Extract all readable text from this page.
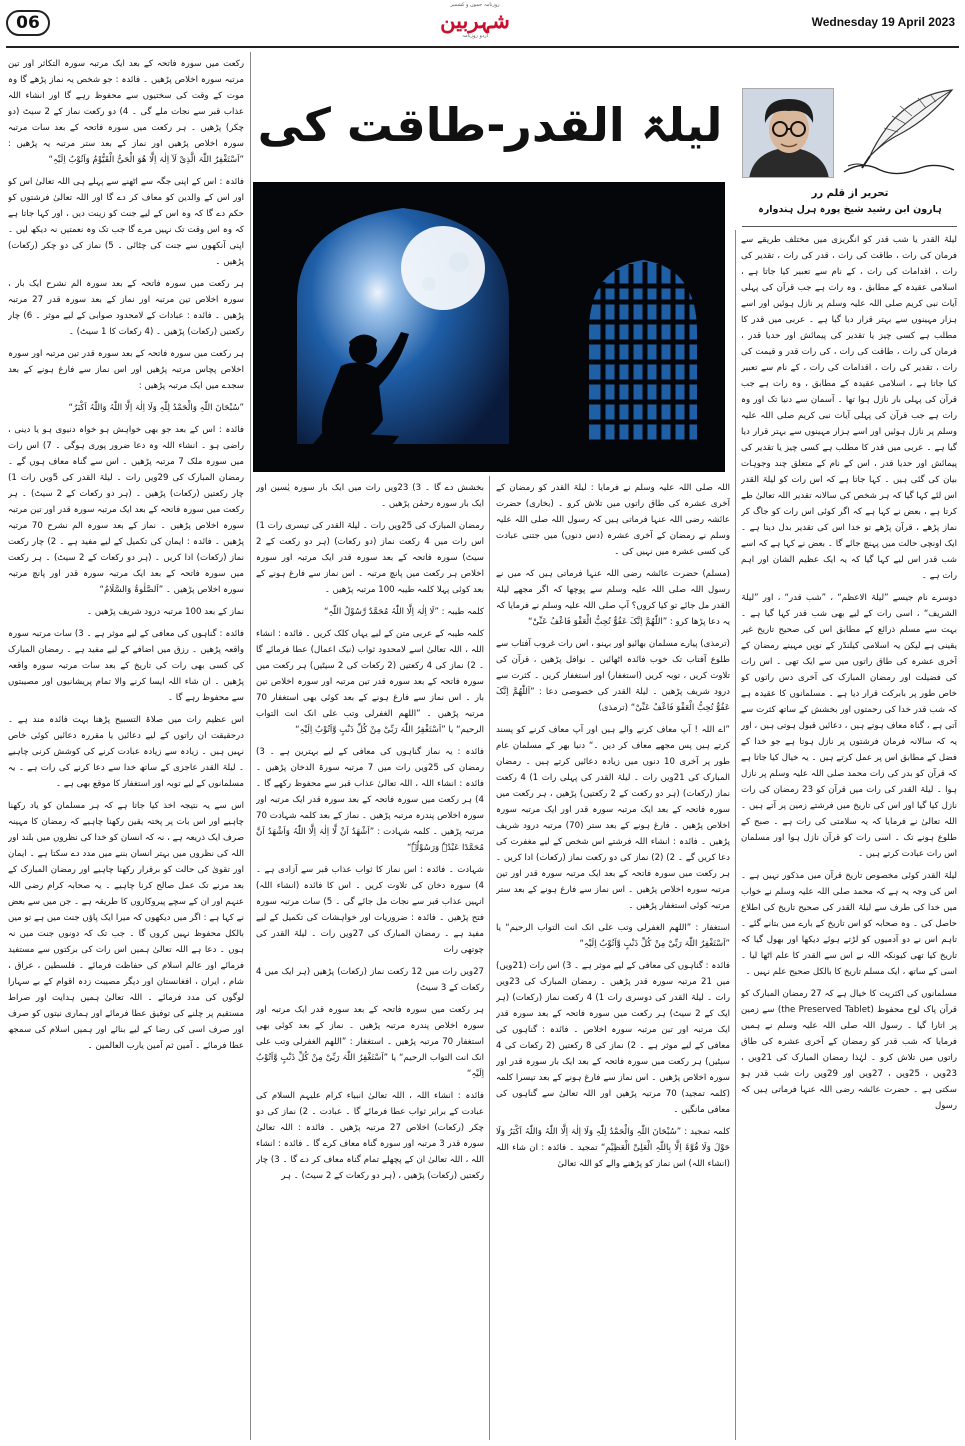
06
روزنامہ جموں و کشمیر
شہربین
اردو روزنامہ
Wednesday 19 April 2023
لیلۃ القدر-طاقت کی
تحریر از قلم رر
ہارون ابن رشید شیخ پورہ ہرل ہندوارہ

لیلۃ القدر یا شب قدر کو انگریزی میں مختلف طریقے سے فرمان کی رات ، طاقت کی رات ، قدر کی رات ، تقدیر کی رات ، اقدامات کی رات ، کے نام سے تعبیر کیا جاتا ہے ، اسلامی عقیدہ کے مطابق ، وہ رات ہے جب قرآن کی پہلی آیات نبی کریم صلی اللہ علیہ وسلم پر نازل ہوئیں اور اسے ہزار مہینوں سے بہتر قرار دیا گیا ہے ۔ عربی میں قدر کا مطلب ہے کسی چیز یا تقدیر کی پیمائش اور حدیا قدر ، فرمان کی رات ، طاقت کی رات ، کی رات قدر و قیمت کی رات ، تقدیر کی رات ، اقدامات کی رات ، کے نام سے تعبیر کیا جاتا ہے ، اسلامی عقیدہ کے مطابق ، وہ رات ہے جب قرآن کی پہلی بار نازل ہوا تھا ۔ آسمان سے دنیا تک اور وہ رات ہے جب قرآن کی پہلی آیات نبی کریم صلی اللہ علیہ وسلم پر نازل ہوئیں اور اسے ہزار مہینوں سے بہتر قرار دیا گیا ہے ۔ عربی میں قدر کا مطلب ہے کسی چیز یا تقدیر کی پیمائش اور حدیا قدر ، اس کے نام کے متعلق چند وجوہات بیان کی گئی ہیں ۔ کہا جاتا ہے کہ اس رات کو لیلۃ القدر اس لئے کہا گیا کہ ہر شخص کی سالانہ تقدیر اللہ تعالیٰ طے کرتا ہے ، بعض نے کہا ہے کہ اگر کوئی اس رات کو جاگ کر نماز پڑھے ، قرآن پڑھے تو خدا اس کی تقدیر بدل دیتا ہے ۔ ایک اونچی حالت میں پہنچ جائے گا ۔ بعض نے کہا ہے کہ اسے شب قدر اس لیے کہا گیا کہ یہ ایک عظیم الشان اور اہم رات ہے ۔

دوسرے نام جیسے ”لیلۃ الاعظم“ ، ”شب قدر“ ، اور ”لیلۃ الشریف“ ، اسی رات کے لیے بھی شب قدر کہا گیا ہے ۔ بہت سے مسلم ذرائع کے مطابق اس کی صحیح تاریخ غیر یقینی ہے لیکن یہ اسلامی کیلنڈر کے نویں مہینے رمضان کے آخری عشرہ کی طاق راتوں میں سے ایک تھی ۔ اس رات کی فضیلت اور رمضان المبارک کی آخری دس راتوں کو خاص طور پر بابرکت قرار دیا ہے ۔ مسلمانوں کا عقیدہ ہے کہ شب قدر خدا کی رحمتوں اور بخشش کے ساتھ کثرت سے آتی ہے ، گناہ معاف ہوتے ہیں ، دعائیں قبول ہوتی ہیں ، اور یہ کہ سالانہ فرمان فرشتوں پر نازل ہوتا ہے جو خدا کے فضل کے مطابق اس پر عمل کرتے ہیں ۔ یہ خیال کیا جاتا ہے کہ قرآن کو بدر کی رات محمد صلی اللہ علیہ وسلم پر نازل ہوا ۔ لیلۃ القدر کی رات میں قرآن کو 23 رمضان کی رات نازل کیا گیا اور اس کی تاریخ میں فرشتے زمین پر آتے ہیں ۔ اللہ تعالیٰ نے فرمایا کہ یہ سلامتی کی رات ہے ۔ صبح کے طلوع ہونے تک ۔ اسی رات کو قرآن نازل ہوا اور مسلمان اس رات عبادت کرتے ہیں ۔

لیلۃ القدر کوئی مخصوص تاریخ قرآن میں مذکور نہیں ہے ۔ اس کی وجہ یہ ہے کہ محمد صلی اللہ علیہ وسلم نے خواب میں خدا کی طرف سے لیلۃ القدر کی صحیح تاریخ کی اطلاع حاصل کی ۔ وہ صحابہ کو اس تاریخ کے بارے میں بتانے گئے ۔ تاہم اس نے دو آدمیوں کو لڑتے ہوئے دیکھا اور بھول گیا کہ تاریخ کیا تھی کیونکہ اللہ نے اس سے القدر کا علم اٹھا لیا ۔ اسی کے ساتھ ، ایک مسلم تاریخ کا بالکل صحیح علم نہیں ۔

مسلمانوں کی اکثریت کا خیال ہے کہ 27 رمضان المبارک کو قرآن پاک لوح محفوظ (the Preserved Tablet) سے زمین پر اتارا گیا ۔ رسول اللہ صلی اللہ علیہ وسلم نے ہمیں فرمایا کہ شب قدر کو رمضان کے آخری عشرہ کی طاق راتوں میں تلاش کرو ۔ لہٰذا رمضان المبارک کی 21ویں ، 23ویں ، 25ویں ، 27ویں اور 29ویں رات شب قدر ہو سکتی ہے ۔ حضرت عائشہ رضی اللہ عنہا فرماتی ہیں کہ رسول

اللہ صلی اللہ علیہ وسلم نے فرمایا : لیلۃ القدر کو رمضان کے آخری عشرہ کی طاق راتوں میں تلاش کرو ۔ (بخاری) حضرت عائشہ رضی اللہ عنہا فرماتی ہیں کہ رسول اللہ صلی اللہ علیہ وسلم نے رمضان کے آخری عشرہ (دس دنوں) میں جتنی عبادت کی کسی عشرہ میں نہیں کی ۔

(مسلم) حضرت عائشہ رضی اللہ عنہا فرماتی ہیں کہ میں نے رسول اللہ صلی اللہ علیہ وسلم سے پوچھا کہ اگر مجھے لیلۃ القدر مل جائے تو کیا کروں؟ آپ صلی اللہ علیہ وسلم نے فرمایا کہ یہ دعا پڑھا کرو : ”اللّٰھُمَّ اِنَّکَ عَفُوٌّ تُحِبُّ الْعَفْوَ فَاعْفُ عَنِّیْ“

(ترمذی) پیارے مسلمان بھائیو اور بہنو ، اس رات غروب آفتاب سے طلوع آفتاب تک خوب فائدہ اٹھائیں ۔ نوافل پڑھیں ، قرآن کی تلاوت کریں ، توبہ کریں (استغفار) اور استغفار کریں ۔ کثرت سے درود شریف پڑھیں ۔ لیلۃ القدر کی خصوصی دعا : ”اَللّٰھُمَّ اِنَّکَ عَفُوٌّ تُحِبُّ الْعَفْوَ فَاعْفُ عَنِّیْ“ (ترمذی)

”اے اللہ ! آپ معاف کرنے والے ہیں اور آپ معاف کرنے کو پسند کرتے ہیں پس مجھے معاف کر دیں ۔“ دنیا بھر کے مسلمان عام طور پر آخری 10 دنوں میں زیادہ دعائیں کرتے ہیں ۔ رمضان المبارک کی 21ویں رات ۔ لیلۃ القدر کی پہلی رات 1) 4 رکعت نماز (رکعات) (ہر دو رکعت کے 2 رکعتیں) پڑھیں ، ہر رکعت میں سورہ فاتحہ کے بعد ایک مرتبہ سورہ قدر اور ایک مرتبہ سورہ اخلاص پڑھیں ۔ فارغ ہونے کے بعد ستر (70) مرتبہ درود شریف پڑھیں ۔ فائدہ : انشاء اللہ فرشتے اس شخص کے لیے مغفرت کی دعا کریں گے ۔ 2) (2) نماز کی دو رکعت نماز (رکعات) ادا کریں ۔ ہر رکعت میں سورہ فاتحہ کے بعد ایک مرتبہ سورہ قدر اور تین مرتبہ سورہ اخلاص پڑھیں ۔ اس نماز سے فارغ ہونے کے بعد ستر مرتبہ کوئی استغفار پڑھیں ۔

استغفار : ”اللھم الغفرلی وتب علی انک انت التواب الرحیم“ یا ”اَسْتَغْفِرُ اللّٰہَ رَبِّیْ مِنْ کُلِّ ذَنْبٍ وَّاَتُوْبُ اِلَیْہِ“

فائدہ : گناہوں کی معافی کے لیے موثر ہے ۔ 3) اس رات (21ویں) میں 21 مرتبہ سورہ قدر پڑھیں ۔ رمضان المبارک کی 23ویں رات ۔ لیلۃ القدر کی دوسری رات 1) 4 رکعت نماز (رکعات) (ہر ایک کے 2 سیٹ) ہر رکعت میں سورہ فاتحہ کے بعد سورہ قدر ایک مرتبہ اور تین مرتبہ سورہ اخلاص ۔ فائدہ : گناہوں کی معافی کے لیے موثر ہے ۔ 2) نماز کی 8 رکعتیں (2 رکعات کی 4 سیٹیں) ہر رکعت میں سورہ فاتحہ کے بعد ایک بار سورہ قدر اور سورہ اخلاص پڑھیں ۔ اس نماز سے فارغ ہونے کے بعد تیسرا کلمہ (کلمہ تمجید) 70 مرتبہ پڑھیں اور اللہ تعالیٰ سے گناہوں کی معافی مانگیں ۔

کلمہ تمجید : ”سُبْحَانَ اللّٰہِ وَالْحَمْدُ لِلّٰہِ وَلَا اِلٰہَ اِلَّا اللّٰہُ وَاللّٰہُ اَکْبَرُ وَلَا حَوْلَ وَلَا قُوَّۃَ اِلَّا بِاللّٰہِ الْعَلِیِّ الْعَظِیْمِ“ تمجید ۔ فائدہ : ان شاء اللہ (انشاء اللہ) اس نماز کو پڑھنے والے کو اللہ تعالیٰ

بخشش دے گا ۔ 3) 23ویں رات میں ایک بار سورہ یٰسین اور ایک بار سورہ رحمٰن پڑھیں ۔

رمضان المبارک کی 25ویں رات ۔ لیلۃ القدر کی تیسری رات 1) اس رات میں 4 رکعت نماز (دو رکعات) (ہر دو رکعت کے 2 سیٹ) سورہ فاتحہ کے بعد سورہ قدر ایک مرتبہ اور سورہ اخلاص ہر رکعت میں پانچ مرتبہ ۔ اس نماز سے فارغ ہونے کے بعد کوئی پہلا کلمہ طیبہ 100 مرتبہ پڑھیں ۔

کلمہ طیبہ : ”لَا اِلٰہَ اِلَّا اللّٰہُ مُحَمَّدٌ رَّسُوْلُ اللّٰہِ“

کلمہ طیبہ کے عربی متن کے لیے یہاں کلک کریں ۔ فائدہ : انشاء اللہ ، اللہ تعالیٰ اسے لامحدود ثواب (نیک اعمال) عطا فرمائے گا ۔ 2) نماز کی 4 رکعتیں (2 رکعات کی 2 سیٹیں) ہر رکعت میں سورہ فاتحہ کے بعد سورہ قدر تین مرتبہ اور سورہ اخلاص تین بار ۔ اس نماز سے فارغ ہونے کے بعد کوئی بھی استغفار 70 مرتبہ پڑھیں ۔ ”اللھم الغفرلی وتب علی انک انت التواب الرحیم“ یا ”اَسْتَغْفِرُ اللّٰہَ رَبِّیْ مِنْ کُلِّ ذَنْبٍ وَّاَتُوْبُ اِلَیْہِ“

فائدہ : یہ نماز گناہوں کی معافی کے لیے بہترین ہے ۔ 3) رمضان کی 25ویں رات میں 7 مرتبہ سورۃ الدخان پڑھیں ۔ فائدہ : انشاء اللہ ، اللہ تعالیٰ عذاب قبر سے محفوظ رکھے گا ۔ 4) ہر رکعت میں سورہ فاتحہ کے بعد سورہ قدر ایک مرتبہ اور سورہ اخلاص پندرہ مرتبہ پڑھیں ۔ نماز کے بعد کلمہ شہادت 70 مرتبہ پڑھیں ۔ کلمہ شہادت : ”اَشْھَدُ اَنْ لَّا اِلٰہَ اِلَّا اللّٰہُ وَاَشْھَدُ اَنَّ مُحَمَّدًا عَبْدُہٗ وَرَسُوْلُہٗ“

شہادت ۔ فائدہ : اس نماز کا ثواب عذاب قبر سے آزادی ہے ۔ 4) سورہ دخان کی تلاوت کریں ۔ اس کا فائدہ (انشاء اللہ) انہیں عذاب قبر سے نجات مل جائے گی ۔ 5) سات مرتبہ سورہ فتح پڑھیں ۔ فائدہ : ضروریات اور خواہشات کی تکمیل کے لیے مفید ہے ۔ رمضان المبارک کی 27ویں رات ۔ لیلۃ القدر کی چوتھی رات

27ویں رات میں 12 رکعت نماز (رکعات) پڑھیں (ہر ایک میں 4 رکعات کے 3 سیٹ)

ہر رکعت میں سورہ فاتحہ کے بعد سورہ قدر ایک مرتبہ اور سورہ اخلاص پندرہ مرتبہ پڑھیں ۔ نماز کے بعد کوئی بھی استغفار 70 مرتبہ پڑھیں ۔ استغفار : ”اللھم الغفرلی وتب علی انک انت التواب الرحیم“ یا ”اَسْتَغْفِرُ اللّٰہَ رَبِّیْ مِنْ کُلِّ ذَنْبٍ وَّاَتُوْبُ اِلَیْہِ“

فائدہ : انشاء اللہ ، اللہ تعالیٰ انبیاء کرام علیہم السلام کی عبادت کے برابر ثواب عطا فرمائے گا ۔ عبادت ۔ 2) نماز کی دو چکر (رکعات) اخلاص 27 مرتبہ پڑھیں ۔ فائدہ : اللہ تعالیٰ سورہ قدر 3 مرتبہ اور سورہ گناہ معاف کرے گا ۔ فائدہ : انشاء اللہ ، اللہ تعالیٰ ان کے پچھلے تمام گناہ معاف کر دے گا ۔ 3) چار رکعتیں (رکعات) پڑھیں ، (ہر دو رکعات کے 2 سیٹ) ۔ ہر

رکعت میں سورہ فاتحہ کے بعد ایک مرتبہ سورہ التکاثر اور تین مرتبہ سورہ اخلاص پڑھیں ۔ فائدہ : جو شخص یہ نماز پڑھے گا وہ موت کے وقت کی سختیوں سے محفوظ رہے گا اور انشاء اللہ عذاب قبر سے نجات ملے گی ۔ 4) دو رکعت نماز کے 2 سیٹ (دو چکر) پڑھیں ۔ ہر رکعت میں سورہ فاتحہ کے بعد سات مرتبہ سورہ اخلاص پڑھیں اور نماز کے بعد ستر مرتبہ یہ پڑھیں : ”اَسْتَغْفِرُ اللّٰہَ الَّذِیْ لَآ اِلٰہَ اِلَّا ھُوَ الْحَیُّ الْقَیُّوْمُ وَاَتُوْبُ اِلَیْہِ“

فائدہ : اس کے اپنی جگہ سے اٹھنے سے پہلے ہی اللہ تعالیٰ اس کو اور اس کے والدین کو معاف کر دے گا اور اللہ تعالیٰ فرشتوں کو حکم دے گا کہ وہ اس کے لیے جنت کو زینت دیں ، اور کہا جاتا ہے کہ وہ اس وقت تک نہیں مرے گا جب تک وہ نعمتیں نہ دیکھ لیں ۔ اپنی آنکھوں سے جنت کی چٹائی ۔ 5) نماز کی دو چکر (رکعات) پڑھیں ۔

ہر رکعت میں سورہ فاتحہ کے بعد سورہ الم نشرح ایک بار ، سورہ اخلاص تین مرتبہ اور نماز کے بعد سورہ قدر 27 مرتبہ پڑھیں ۔ فائدہ : عبادات کے لامحدود صوابی کے لیے موثر ۔ 6) چار رکعتیں (رکعات) پڑھیں ۔ (4 رکعات کا 1 سیٹ) ۔

ہر رکعت میں سورہ فاتحہ کے بعد سورہ قدر تین مرتبہ اور سورہ اخلاص پچاس مرتبہ پڑھیں اور اس نماز سے فارغ ہونے کے بعد سجدے میں ایک مرتبہ پڑھیں :

”سُبْحَانَ اللّٰہِ وَالْحَمْدُ لِلّٰہِ وَلَا اِلٰہَ اِلَّا اللّٰہُ وَاللّٰہُ اَکْبَرُ“

فائدہ : اس کے بعد جو بھی خواہش ہو خواہ دنیوی ہو یا دینی ، راضی ہو ۔ انشاء اللہ وہ دعا ضرور پوری ہوگی ۔ 7) اس رات میں سورہ ملک 7 مرتبہ پڑھیں ۔ اس سے گناہ معاف ہوں گے ۔ رمضان المبارک کی 29ویں رات ۔ لیلۃ القدر کی 5ویں رات 1) چار رکعتیں (رکعات) پڑھیں ۔ (ہر دو رکعات کے 2 سیٹ) ۔ ہر رکعت میں سورہ فاتحہ کے بعد ایک مرتبہ سورہ قدر اور تین مرتبہ سورہ اخلاص پڑھیں ۔ نماز کے بعد سورہ الم نشرح 70 مرتبہ پڑھیں ۔ فائدہ : ایمان کی تکمیل کے لیے مفید ہے ۔ 2) چار رکعت نماز (رکعات) ادا کریں ۔ (ہر دو رکعات کے 2 سیٹ) ۔ ہر رکعت میں سورہ فاتحہ کے بعد ایک مرتبہ سورہ قدر اور پانچ مرتبہ سورہ اخلاص پڑھیں ۔ ”اَلصَّلٰوۃُ وَالسَّلَامُ“

نماز کے بعد 100 مرتبہ درود شریف پڑھیں ۔

فائدہ : گناہوں کی معافی کے لیے موثر ہے ۔ 3) سات مرتبہ سورہ واقعہ پڑھیں ۔ رزق میں اضافے کے لیے مفید ہے ۔ رمضان المبارک کی کسی بھی رات کی تاریخ کے بعد سات مرتبہ سورہ واقعہ پڑھیں ۔ ان شاء اللہ ایسا کرنے والا تمام پریشانیوں اور مصیبتوں سے محفوظ رہے گا ۔

اس عظیم رات میں صلاۃ التسبیح پڑھنا بہت فائدہ مند ہے ۔ درحقیقت ان راتوں کے لیے دعائیں یا مقررہ دعائیں کوئی خاص نہیں ہیں ۔ زیادہ سے زیادہ عبادت کرنے کی کوشش کرنی چاہیے ۔ لیلۃ القدر عاجزی کے ساتھ خدا سے دعا کرنے کی رات ہے ۔ یہ مسلمانوں کے لیے توبہ اور استغفار کا موقع بھی ہے ۔

اس سے یہ نتیجہ اخذ کیا جاتا ہے کہ ہر مسلمان کو یاد رکھنا چاہیے اور اس بات پر پختہ یقین رکھنا چاہیے کہ رمضان کا مہینہ صرف ایک ذریعہ ہے ، نہ کہ انسان کو خدا کی نظروں میں بلند اور اللہ کی نظروں میں بہتر انسان بننے میں مدد دے سکتا ہے ۔ ایمان اور تقویٰ کی حالت کو برقرار رکھنا چاہیے اور رمضان المبارک کے بعد مرنے تک عمل صالح کرنا چاہیے ۔ یہ صحابہ کرام رضی اللہ عنہم اور ان کے سچے پیروکاروں کا طریقہ ہے ۔ جن میں سے بعض نے کہا ہے : اگر میں دیکھوں کہ میرا ایک پاؤں جنت میں ہے تو میں بالکل محفوظ نہیں کروں گا ۔ جب تک کہ دونوں جنت میں نہ ہوں ۔ دعا ہے اللہ تعالیٰ ہمیں اس رات کی برکتوں سے مستفید فرمائے اور عالم اسلام کی حفاظت فرمائے ۔ فلسطین ، عراق ، شام ، ایران ، افغانستان اور دیگر مصیبت زدہ اقوام کے بے سہارا لوگوں کی مدد فرمائے ۔ اللہ تعالیٰ ہمیں ہدایت اور صراط مستقیم پر چلنے کی توفیق عطا فرمائے اور ہماری نیتوں کو صرف اور صرف اسی کی رضا کے لیے بنائے اور ہمیں اسلام کی سمجھ عطا فرمائے ۔ آمین ثم آمین یارب العالمین ۔
